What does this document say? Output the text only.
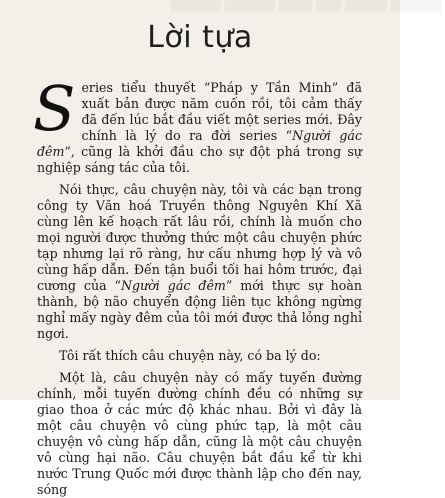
▒▒▒▒▒▒ ▒▒▒▒▒▒ ▒▒▒▒ ▒▒▒ ▒▒▒▒▒ ▒▒▒▒▒▒
Lời tựa

Series tiểu thuyết “Pháp y Tần Minh” đã xuất bản được năm cuốn rồi, tôi cảm thấy đã đến lúc bắt đầu viết một series mới. Đây chính là lý do ra đời series “Người gác đêm”, cũng là khởi đầu cho sự đột phá trong sự nghiệp sáng tác của tôi.

Nói thực, câu chuyện này, tôi và các bạn trong công ty Văn hoá Truyền thông Nguyên Khí Xã cùng lên kế hoạch rất lâu rồi, chính là muốn cho mọi người được thưởng thức một câu chuyện phức tạp nhưng lại rõ ràng, hư cấu nhưng hợp lý và vô cùng hấp dẫn. Đến tận buổi tối hai hôm trước, đại cương của “Người gác đêm” mới thực sự hoàn thành, bộ não chuyển động liên tục không ngừng nghỉ mấy ngày đêm của tôi mới được thả lỏng nghỉ ngơi.

Tôi rất thích câu chuyện này, có ba lý do:

Một là, câu chuyện này có mấy tuyến đường chính, mỗi tuyến đường chính đều có những sự giao thoa ở các mức độ khác nhau. Bởi vì đây là một câu chuyện vô cùng phức tạp, là một câu chuyện vô cùng hấp dẫn, cũng là một câu chuyện vô cùng hại não. Câu chuyện bắt đầu kể từ khi nước Trung Quốc mới được thành lập cho đến nay, sóng
